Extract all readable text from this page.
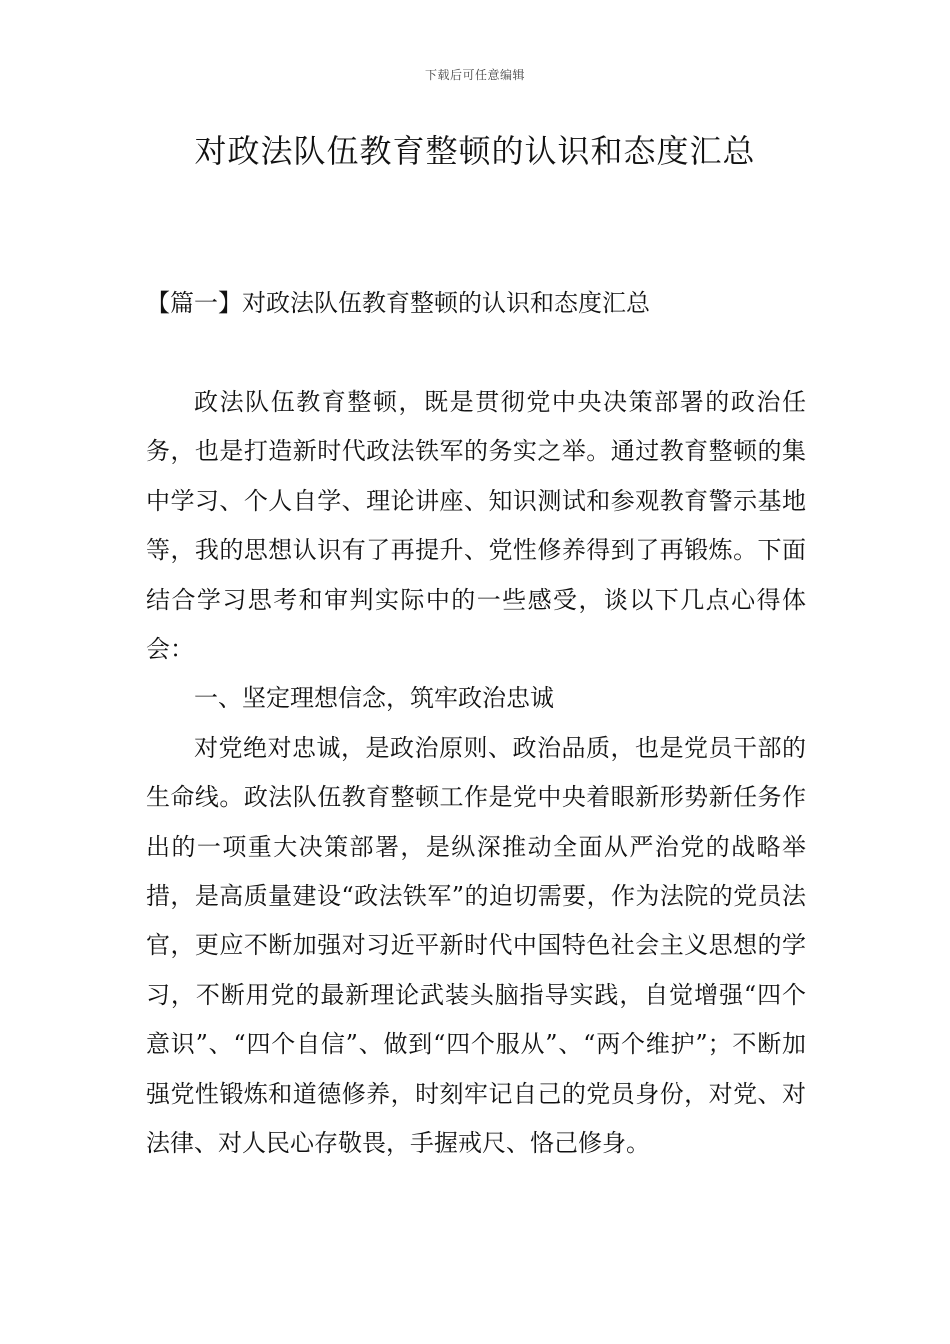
下载后可任意编辑
对政法队伍教育整顿的认识和态度汇总
【篇一】对政法队伍教育整顿的认识和态度汇总

政法队伍教育整顿，既是贯彻党中央决策部署的政治任务，也是打造新时代政法铁军的务实之举。通过教育整顿的集中学习、个人自学、理论讲座、知识测试和参观教育警示基地等，我的思想认识有了再提升、党性修养得到了再锻炼。下面结合学习思考和审判实际中的一些感受，谈以下几点心得体会：

一、坚定理想信念，筑牢政治忠诚

对党绝对忠诚，是政治原则、政治品质，也是党员干部的生命线。政法队伍教育整顿工作是党中央着眼新形势新任务作出的一项重大决策部署，是纵深推动全面从严治党的战略举措，是高质量建设“政法铁军”的迫切需要，作为法院的党员法官，更应不断加强对习近平新时代中国特色社会主义思想的学习，不断用党的最新理论武装头脑指导实践，自觉增强“四个意识”、“四个自信”、做到“四个服从”、“两个维护”；不断加强党性锻炼和道德修养，时刻牢记自己的党员身份，对党、对法律、对人民心存敬畏，手握戒尺、恪己修身。
